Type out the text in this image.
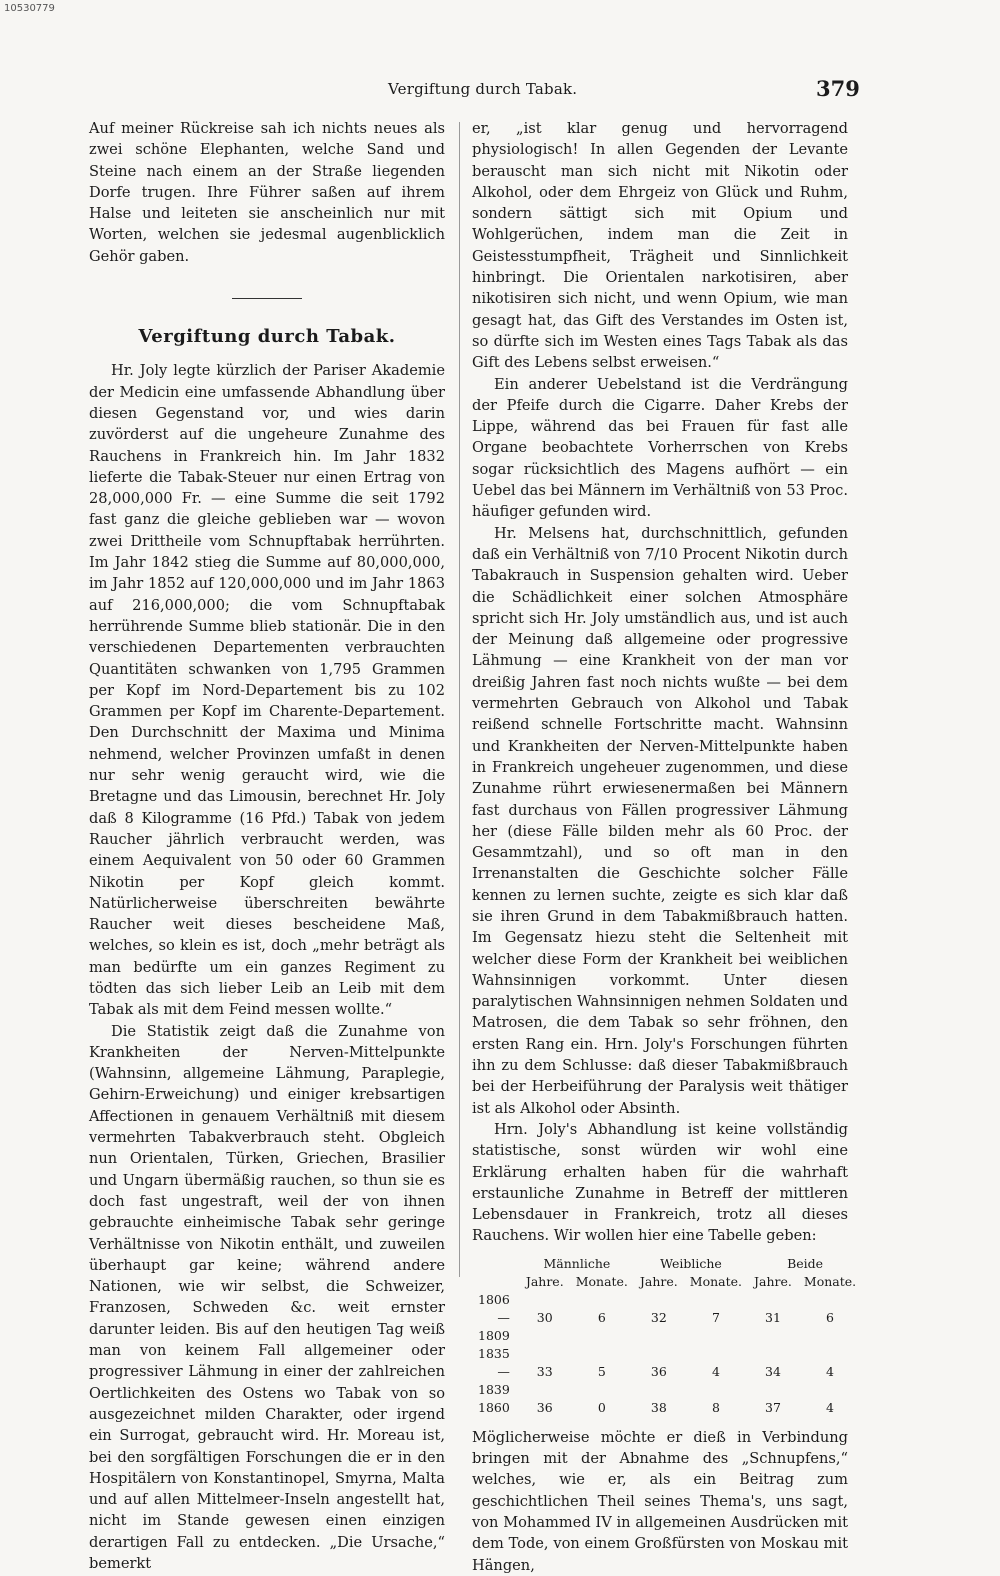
10530779
Vergiftung durch Tabak.	379

Auf meiner Rückreise sah ich nichts neues als zwei schöne Elephanten, welche Sand und Steine nach einem an der Straße liegenden Dorfe trugen. Ihre Führer saßen auf ihrem Halse und leiteten sie anscheinlich nur mit Worten, welchen sie jedesmal augenblicklich Gehör gaben.

Vergiftung durch Tabak.

Hr. Joly legte kürzlich der Pariser Akademie der Medicin eine umfassende Abhandlung über diesen Gegenstand vor, und wies darin zuvörderst auf die ungeheure Zunahme des Rauchens in Frankreich hin. Im Jahr 1832 lieferte die Tabak-Steuer nur einen Ertrag von 28,000,000 Fr. — eine Summe die seit 1792 fast ganz die gleiche geblieben war — wovon zwei Drittheile vom Schnupftabak herrührten. Im Jahr 1842 stieg die Summe auf 80,000,000, im Jahr 1852 auf 120,000,000 und im Jahr 1863 auf 216,000,000; die vom Schnupftabak herrührende Summe blieb stationär. Die in den verschiedenen Departementen verbrauchten Quantitäten schwanken von 1,795 Grammen per Kopf im Nord-Departement bis zu 102 Grammen per Kopf im Charente-Departement. Den Durchschnitt der Maxima und Minima nehmend, welcher Provinzen umfaßt in denen nur sehr wenig geraucht wird, wie die Bretagne und das Limousin, berechnet Hr. Joly daß 8 Kilogramme (16 Pfd.) Tabak von jedem Raucher jährlich verbraucht werden, was einem Aequivalent von 50 oder 60 Grammen Nikotin per Kopf gleich kommt. Natürlicherweise überschreiten bewährte Raucher weit dieses bescheidene Maß, welches, so klein es ist, doch „mehr beträgt als man bedürfte um ein ganzes Regiment zu tödten das sich lieber Leib an Leib mit dem Tabak als mit dem Feind messen wollte.“

Die Statistik zeigt daß die Zunahme von Krankheiten der Nerven-Mittelpunkte (Wahnsinn, allgemeine Lähmung, Paraplegie, Gehirn-Erweichung) und einiger krebsartigen Affectionen in genauem Verhältniß mit diesem vermehrten Tabakverbrauch steht. Obgleich nun Orientalen, Türken, Griechen, Brasilier und Ungarn übermäßig rauchen, so thun sie es doch fast ungestraft, weil der von ihnen gebrauchte einheimische Tabak sehr geringe Verhältnisse von Nikotin enthält, und zuweilen überhaupt gar keine; während andere Nationen, wie wir selbst, die Schweizer, Franzosen, Schweden &c. weit ernster darunter leiden. Bis auf den heutigen Tag weiß man von keinem Fall allgemeiner oder progressiver Lähmung in einer der zahlreichen Oertlichkeiten des Ostens wo Tabak von so ausgezeichnet milden Charakter, oder irgend ein Surrogat, gebraucht wird. Hr. Moreau ist, bei den sorgfältigen Forschungen die er in den Hospitälern von Konstantinopel, Smyrna, Malta und auf allen Mittelmeer-Inseln angestellt hat, nicht im Stande gewesen einen einzigen derartigen Fall zu entdecken. „Die Ursache,“ bemerkt

er, „ist klar genug und hervorragend physiologisch! In allen Gegenden der Levante berauscht man sich nicht mit Nikotin oder Alkohol, oder dem Ehrgeiz von Glück und Ruhm, sondern sättigt sich mit Opium und Wohlgerüchen, indem man die Zeit in Geistesstumpfheit, Trägheit und Sinnlichkeit hinbringt. Die Orientalen narkotisiren, aber nikotisiren sich nicht, und wenn Opium, wie man gesagt hat, das Gift des Verstandes im Osten ist, so dürfte sich im Westen eines Tags Tabak als das Gift des Lebens selbst erweisen.“

Ein anderer Uebelstand ist die Verdrängung der Pfeife durch die Cigarre. Daher Krebs der Lippe, während das bei Frauen für fast alle Organe beobachtete Vorherrschen von Krebs sogar rücksichtlich des Magens aufhört — ein Uebel das bei Männern im Verhältniß von 53 Proc. häufiger gefunden wird.

Hr. Melsens hat, durchschnittlich, gefunden daß ein Verhältniß von 7/10 Procent Nikotin durch Tabakrauch in Suspension gehalten wird. Ueber die Schädlichkeit einer solchen Atmosphäre spricht sich Hr. Joly umständlich aus, und ist auch der Meinung daß allgemeine oder progressive Lähmung — eine Krankheit von der man vor dreißig Jahren fast noch nichts wußte — bei dem vermehrten Gebrauch von Alkohol und Tabak reißend schnelle Fortschritte macht. Wahnsinn und Krankheiten der Nerven-Mittelpunkte haben in Frankreich ungeheuer zugenommen, und diese Zunahme rührt erwiesenermaßen bei Männern fast durchaus von Fällen progressiver Lähmung her (diese Fälle bilden mehr als 60 Proc. der Gesammtzahl), und so oft man in den Irrenanstalten die Geschichte solcher Fälle kennen zu lernen suchte, zeigte es sich klar daß sie ihren Grund in dem Tabakmißbrauch hatten. Im Gegensatz hiezu steht die Seltenheit mit welcher diese Form der Krankheit bei weiblichen Wahnsinnigen vorkommt. Unter diesen paralytischen Wahnsinnigen nehmen Soldaten und Matrosen, die dem Tabak so sehr fröhnen, den ersten Rang ein. Hrn. Joly's Forschungen führten ihn zu dem Schlusse: daß dieser Tabakmißbrauch bei der Herbeiführung der Paralysis weit thätiger ist als Alkohol oder Absinth.

Hrn. Joly's Abhandlung ist keine vollständig statistische, sonst würden wir wohl eine Erklärung erhalten haben für die wahrhaft erstaunliche Zunahme in Betreff der mittleren Lebensdauer in Frankreich, trotz all dieses Rauchens. Wir wollen hier eine Tabelle geben:

	Männliche		Weibliche		Beide	
	Jahre.	Monate.	Jahre.	Monate.	Jahre.	Monate.
1806—1809	30	6	32	7	31	6
1835—1839	33	5	36	4	34	4
1860	36	0	38	8	37	4

Möglicherweise möchte er dieß in Verbindung bringen mit der Abnahme des „Schnupfens,“ welches, wie er, als ein Beitrag zum geschichtlichen Theil seines Thema's, uns sagt, von Mohammed IV in allgemeinen Ausdrücken mit dem Tode, von einem Großfürsten von Moskau mit Hängen,
